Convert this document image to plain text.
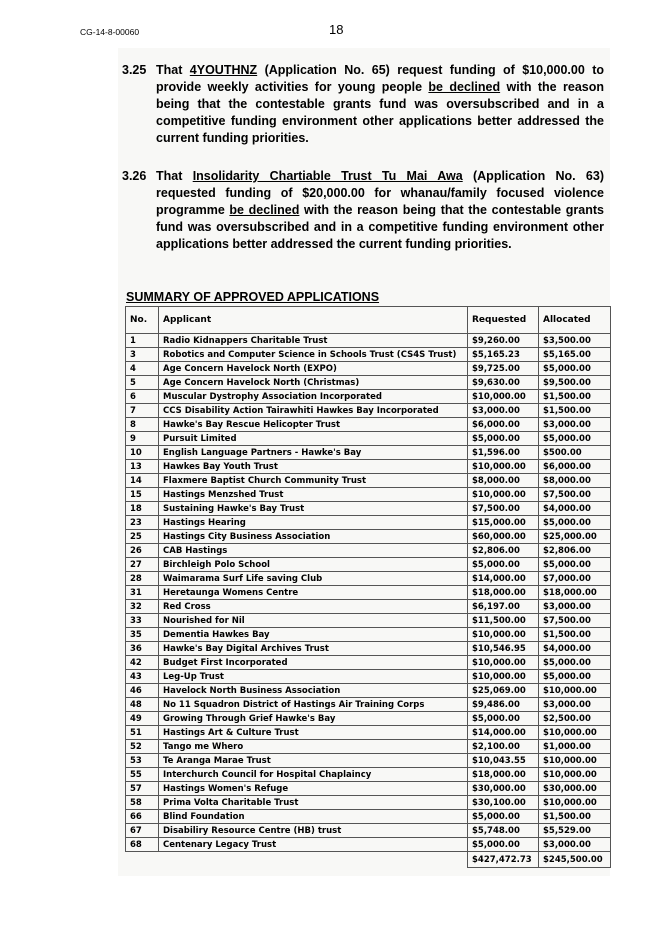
CG-14-8-00060	18
3.25 That 4YOUTHNZ (Application No. 65) request funding of $10,000.00 to provide weekly activities for young people be declined with the reason being that the contestable grants fund was oversubscribed and in a competitive funding environment other applications better addressed the current funding priorities.
3.26 That Insolidarity Chartiable Trust Tu Mai Awa (Application No. 63) requested funding of $20,000.00 for whanau/family focused violence programme be declined with the reason being that the contestable grants fund was oversubscribed and in a competitive funding environment other applications better addressed the current funding priorities.
SUMMARY OF APPROVED APPLICATIONS
No.	Applicant	Requested	Allocated
1	Radio Kidnappers Charitable Trust	$9,260.00	$3,500.00
3	Robotics and Computer Science in Schools Trust (CS4S Trust)	$5,165.23	$5,165.00
4	Age Concern Havelock North (EXPO)	$9,725.00	$5,000.00
5	Age Concern Havelock North (Christmas)	$9,630.00	$9,500.00
6	Muscular Dystrophy Association Incorporated	$10,000.00	$1,500.00
7	CCS Disability Action Tairawhiti Hawkes Bay Incorporated	$3,000.00	$1,500.00
8	Hawke's Bay Rescue Helicopter Trust	$6,000.00	$3,000.00
9	Pursuit Limited	$5,000.00	$5,000.00
10	English Language Partners - Hawke's Bay	$1,596.00	$500.00
13	Hawkes Bay Youth Trust	$10,000.00	$6,000.00
14	Flaxmere Baptist Church Community Trust	$8,000.00	$8,000.00
15	Hastings Menzshed Trust	$10,000.00	$7,500.00
18	Sustaining Hawke's Bay Trust	$7,500.00	$4,000.00
23	Hastings Hearing	$15,000.00	$5,000.00
25	Hastings City Business Association	$60,000.00	$25,000.00
26	CAB Hastings	$2,806.00	$2,806.00
27	Birchleigh Polo School	$5,000.00	$5,000.00
28	Waimarama Surf Life saving Club	$14,000.00	$7,000.00
31	Heretaunga Womens Centre	$18,000.00	$18,000.00
32	Red Cross	$6,197.00	$3,000.00
33	Nourished for Nil	$11,500.00	$7,500.00
35	Dementia Hawkes Bay	$10,000.00	$1,500.00
36	Hawke's Bay Digital Archives Trust	$10,546.95	$4,000.00
42	Budget First Incorporated	$10,000.00	$5,000.00
43	Leg-Up Trust	$10,000.00	$5,000.00
46	Havelock North Business Association	$25,069.00	$10,000.00
48	No 11 Squadron District of Hastings Air Training Corps	$9,486.00	$3,000.00
49	Growing Through Grief Hawke's Bay	$5,000.00	$2,500.00
51	Hastings Art & Culture Trust	$14,000.00	$10,000.00
52	Tango me Whero	$2,100.00	$1,000.00
53	Te Aranga Marae Trust	$10,043.55	$10,000.00
55	Interchurch Council for Hospital Chaplaincy	$18,000.00	$10,000.00
57	Hastings Women's Refuge	$30,000.00	$30,000.00
58	Prima Volta Charitable Trust	$30,100.00	$10,000.00
66	Blind Foundation	$5,000.00	$1,500.00
67	Disabiliry Resource Centre (HB) trust	$5,748.00	$5,529.00
68	Centenary Legacy Trust	$5,000.00	$3,000.00
		$427,472.73	$245,500.00
